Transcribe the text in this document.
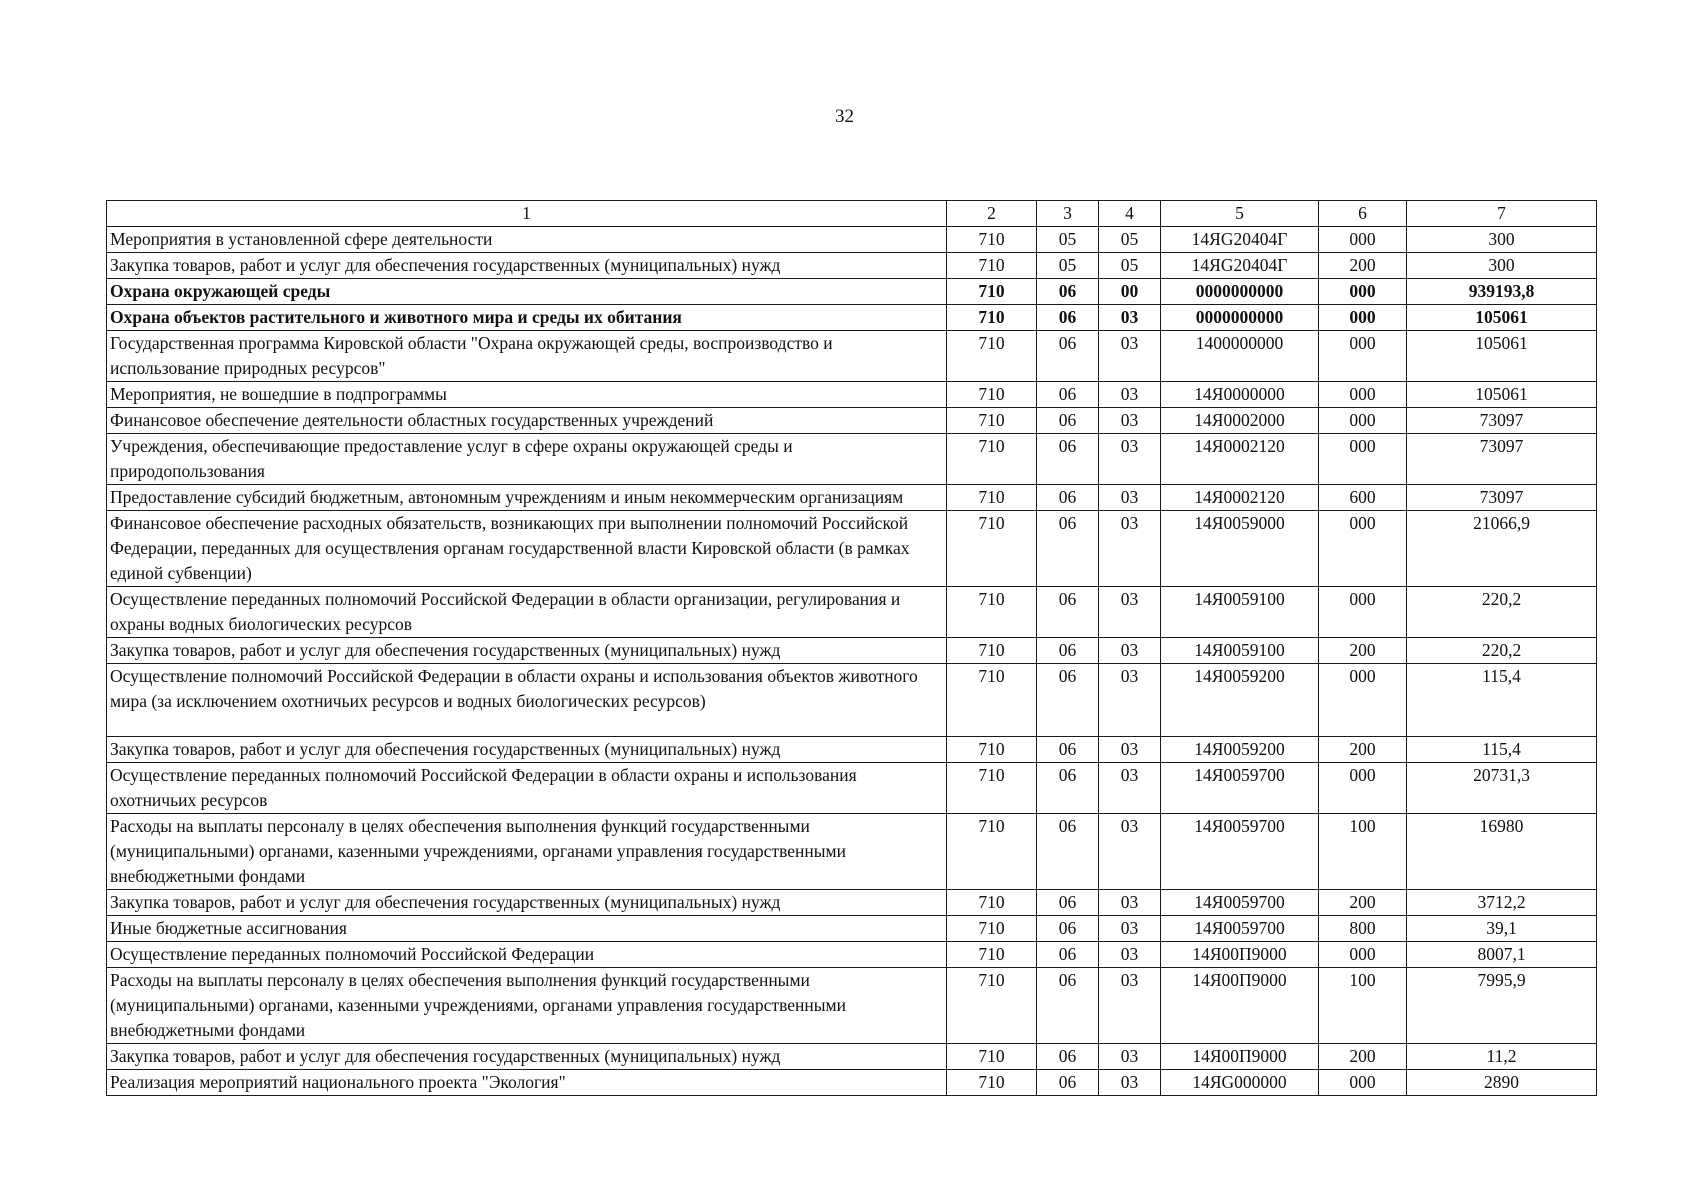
32
1	2	3	4	5	6	7
Мероприятия в установленной сфере деятельности	710	05	05	14ЯG20404Г	000	300
Закупка товаров, работ и услуг для обеспечения государственных (муниципальных) нужд	710	05	05	14ЯG20404Г	200	300
Охрана окружающей среды	710	06	00	0000000000	000	939193,8
Охрана объектов растительного и животного мира и среды их обитания	710	06	03	0000000000	000	105061
Государственная программа Кировской области "Охрана окружающей среды, воспроизводство и использование природных ресурсов"	710	06	03	1400000000	000	105061
Мероприятия, не вошедшие в подпрограммы	710	06	03	14Я0000000	000	105061
Финансовое обеспечение деятельности областных государственных учреждений	710	06	03	14Я0002000	000	73097
Учреждения, обеспечивающие предоставление услуг в сфере охраны окружающей среды и природопользования	710	06	03	14Я0002120	000	73097
Предоставление субсидий бюджетным, автономным учреждениям и иным некоммерческим организациям	710	06	03	14Я0002120	600	73097
Финансовое обеспечение расходных обязательств, возникающих при выполнении полномочий Российской Федерации, переданных для осуществления органам государственной власти Кировской области (в рамках единой субвенции)	710	06	03	14Я0059000	000	21066,9
Осуществление переданных полномочий Российской Федерации в области организации, регулирования и охраны водных биологических ресурсов	710	06	03	14Я0059100	000	220,2
Закупка товаров, работ и услуг для обеспечения государственных (муниципальных) нужд	710	06	03	14Я0059100	200	220,2
Осуществление полномочий Российской Федерации в области охраны и использования объектов животного мира (за исключением охотничьих ресурсов и водных биологических ресурсов)	710	06	03	14Я0059200	000	115,4
Закупка товаров, работ и услуг для обеспечения государственных (муниципальных) нужд	710	06	03	14Я0059200	200	115,4
Осуществление переданных полномочий Российской Федерации в области охраны и использования охотничьих ресурсов	710	06	03	14Я0059700	000	20731,3
Расходы на выплаты персоналу в целях обеспечения выполнения функций государственными (муниципальными) органами, казенными учреждениями, органами управления государственными внебюджетными фондами	710	06	03	14Я0059700	100	16980
Закупка товаров, работ и услуг для обеспечения государственных (муниципальных) нужд	710	06	03	14Я0059700	200	3712,2
Иные бюджетные ассигнования	710	06	03	14Я0059700	800	39,1
Осуществление переданных полномочий Российской Федерации	710	06	03	14Я00П9000	000	8007,1
Расходы на выплаты персоналу в целях обеспечения выполнения функций государственными (муниципальными) органами, казенными учреждениями, органами управления государственными внебюджетными фондами	710	06	03	14Я00П9000	100	7995,9
Закупка товаров, работ и услуг для обеспечения государственных (муниципальных) нужд	710	06	03	14Я00П9000	200	11,2
Реализация мероприятий национального проекта "Экология"	710	06	03	14ЯG000000	000	2890
